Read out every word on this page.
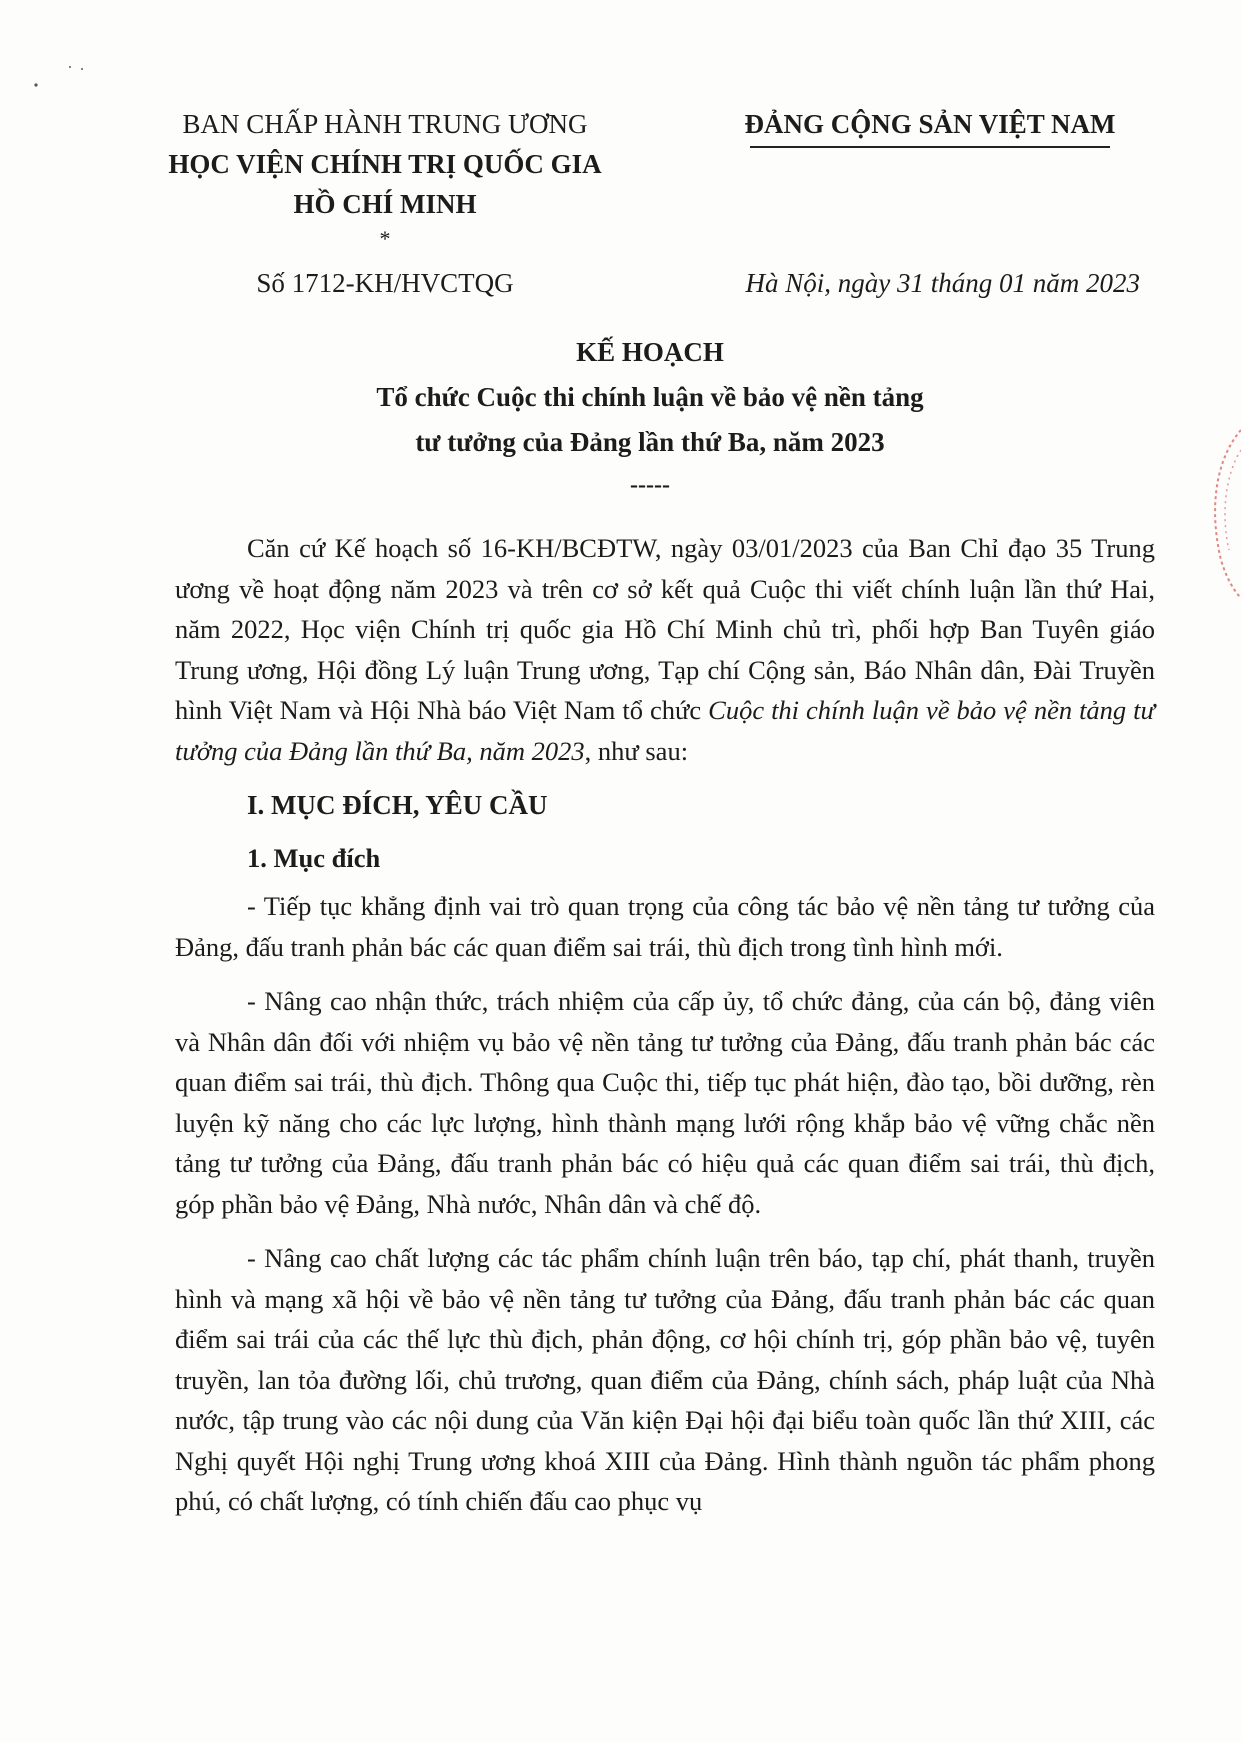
BAN CHẤP HÀNH TRUNG ƯƠNG
HỌC VIỆN CHÍNH TRỊ QUỐC GIA
HỒ CHÍ MINH
*
ĐẢNG CỘNG SẢN VIỆT NAM
Số 1712-KH/HVCTQG	Hà Nội, ngày 31 tháng 01 năm 2023
KẾ HOẠCH
Tổ chức Cuộc thi chính luận về bảo vệ nền tảng
tư tưởng của Đảng lần thứ Ba, năm 2023
-----

Căn cứ Kế hoạch số 16-KH/BCĐTW, ngày 03/01/2023 của Ban Chỉ đạo 35 Trung ương về hoạt động năm 2023 và trên cơ sở kết quả Cuộc thi viết chính luận lần thứ Hai, năm 2022, Học viện Chính trị quốc gia Hồ Chí Minh chủ trì, phối hợp Ban Tuyên giáo Trung ương, Hội đồng Lý luận Trung ương, Tạp chí Cộng sản, Báo Nhân dân, Đài Truyền hình Việt Nam và Hội Nhà báo Việt Nam tổ chức Cuộc thi chính luận về bảo vệ nền tảng tư tưởng của Đảng lần thứ Ba, năm 2023, như sau:

I. MỤC ĐÍCH, YÊU CẦU

1. Mục đích

- Tiếp tục khẳng định vai trò quan trọng của công tác bảo vệ nền tảng tư tưởng của Đảng, đấu tranh phản bác các quan điểm sai trái, thù địch trong tình hình mới.

- Nâng cao nhận thức, trách nhiệm của cấp ủy, tổ chức đảng, của cán bộ, đảng viên và Nhân dân đối với nhiệm vụ bảo vệ nền tảng tư tưởng của Đảng, đấu tranh phản bác các quan điểm sai trái, thù địch. Thông qua Cuộc thi, tiếp tục phát hiện, đào tạo, bồi dưỡng, rèn luyện kỹ năng cho các lực lượng, hình thành mạng lưới rộng khắp bảo vệ vững chắc nền tảng tư tưởng của Đảng, đấu tranh phản bác có hiệu quả các quan điểm sai trái, thù địch, góp phần bảo vệ Đảng, Nhà nước, Nhân dân và chế độ.

- Nâng cao chất lượng các tác phẩm chính luận trên báo, tạp chí, phát thanh, truyền hình và mạng xã hội về bảo vệ nền tảng tư tưởng của Đảng, đấu tranh phản bác các quan điểm sai trái của các thế lực thù địch, phản động, cơ hội chính trị, góp phần bảo vệ, tuyên truyền, lan tỏa đường lối, chủ trương, quan điểm của Đảng, chính sách, pháp luật của Nhà nước, tập trung vào các nội dung của Văn kiện Đại hội đại biểu toàn quốc lần thứ XIII, các Nghị quyết Hội nghị Trung ương khoá XIII của Đảng. Hình thành nguồn tác phẩm phong phú, có chất lượng, có tính chiến đấu cao phục vụ
